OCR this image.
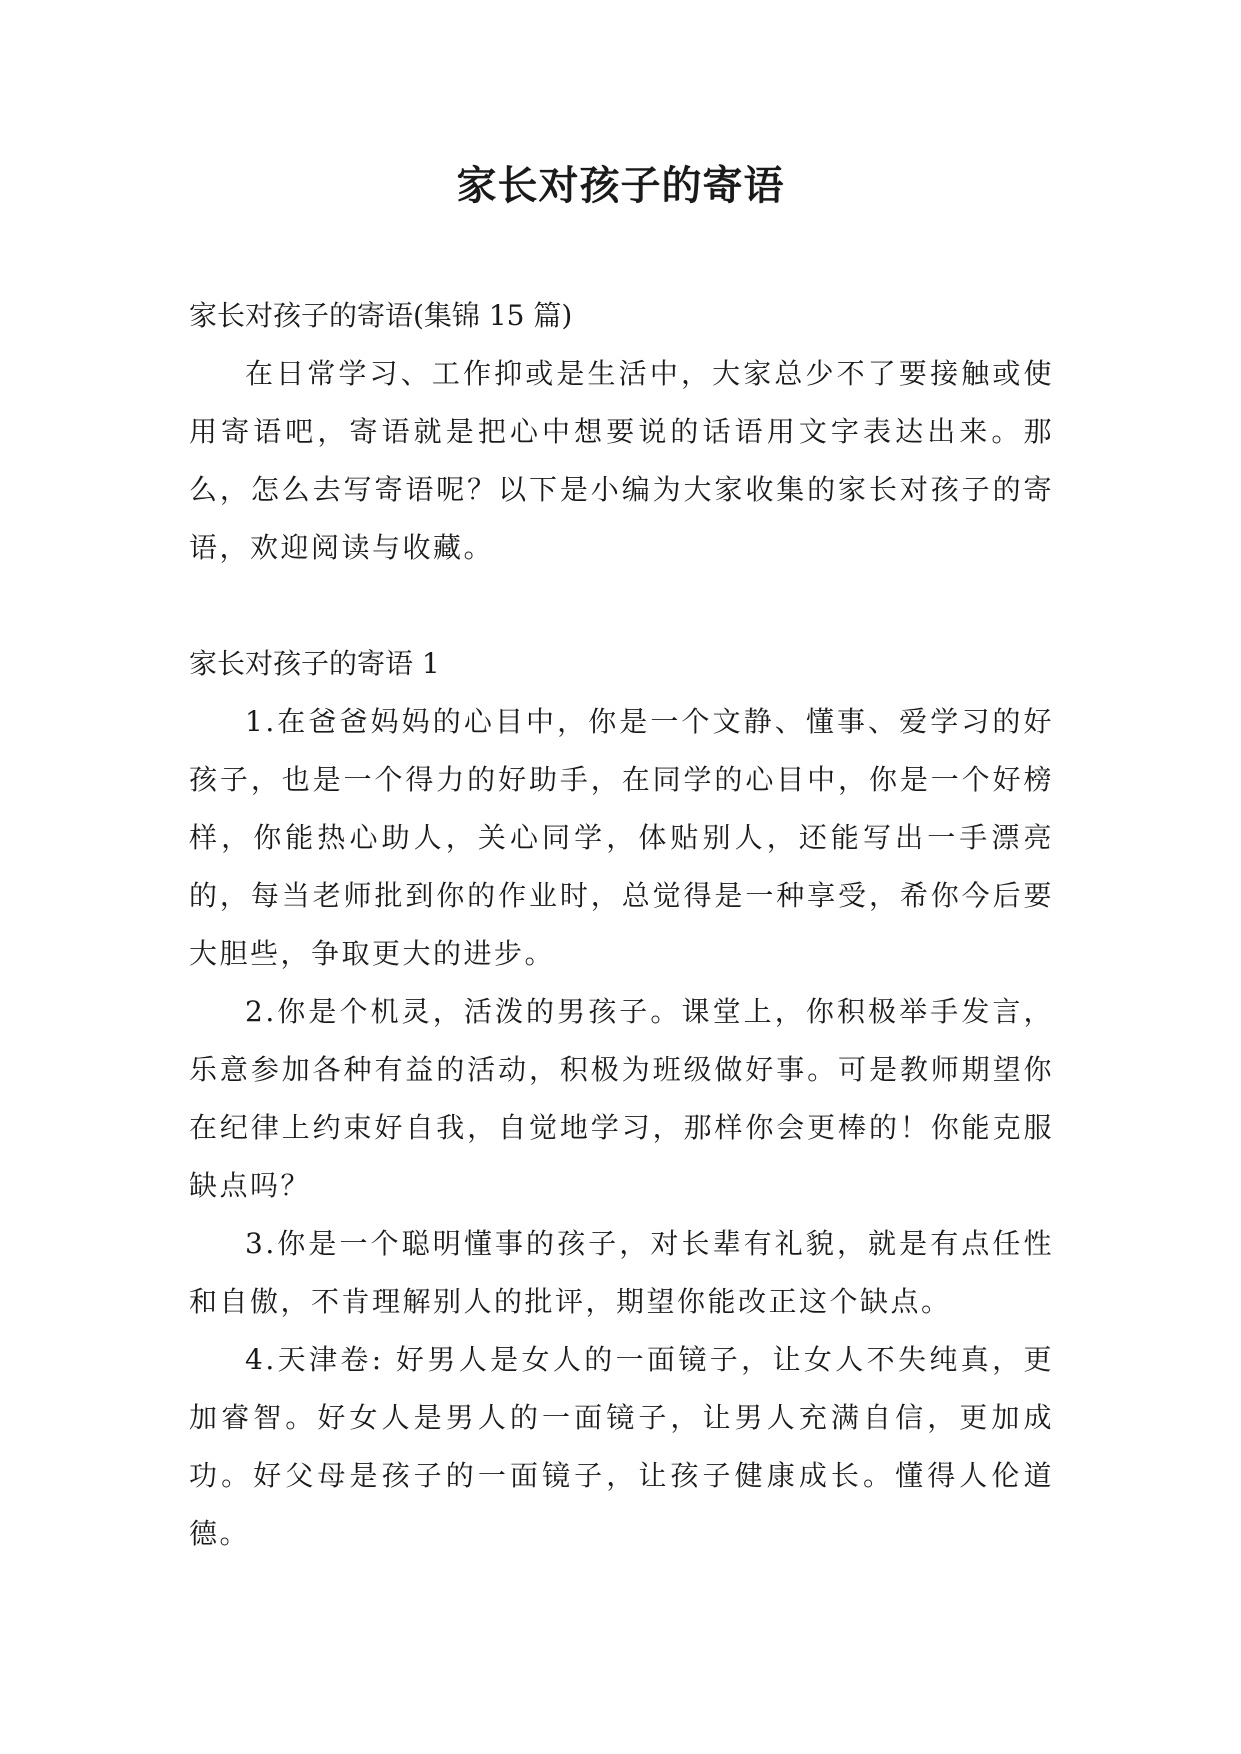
家长对孩子的寄语

家长对孩子的寄语(集锦 15 篇)

在日常学习、工作抑或是生活中，大家总少不了要接触或使用寄语吧，寄语就是把心中想要说的话语用文字表达出来。那么，怎么去写寄语呢？以下是小编为大家收集的家长对孩子的寄语，欢迎阅读与收藏。

家长对孩子的寄语 1

1.在爸爸妈妈的心目中，你是一个文静、懂事、爱学习的好孩子，也是一个得力的好助手，在同学的心目中，你是一个好榜样，你能热心助人，关心同学，体贴别人，还能写出一手漂亮的，每当老师批到你的作业时，总觉得是一种享受，希你今后要大胆些，争取更大的进步。

2.你是个机灵，活泼的男孩子。课堂上，你积极举手发言，乐意参加各种有益的活动，积极为班级做好事。可是教师期望你在纪律上约束好自我，自觉地学习，那样你会更棒的！你能克服缺点吗？

3.你是一个聪明懂事的孩子，对长辈有礼貌，就是有点任性和自傲，不肯理解别人的批评，期望你能改正这个缺点。

4.天津卷: 好男人是女人的一面镜子，让女人不失纯真，更加睿智。好女人是男人的一面镜子，让男人充满自信，更加成功。好父母是孩子的一面镜子，让孩子健康成长。懂得人伦道德。
